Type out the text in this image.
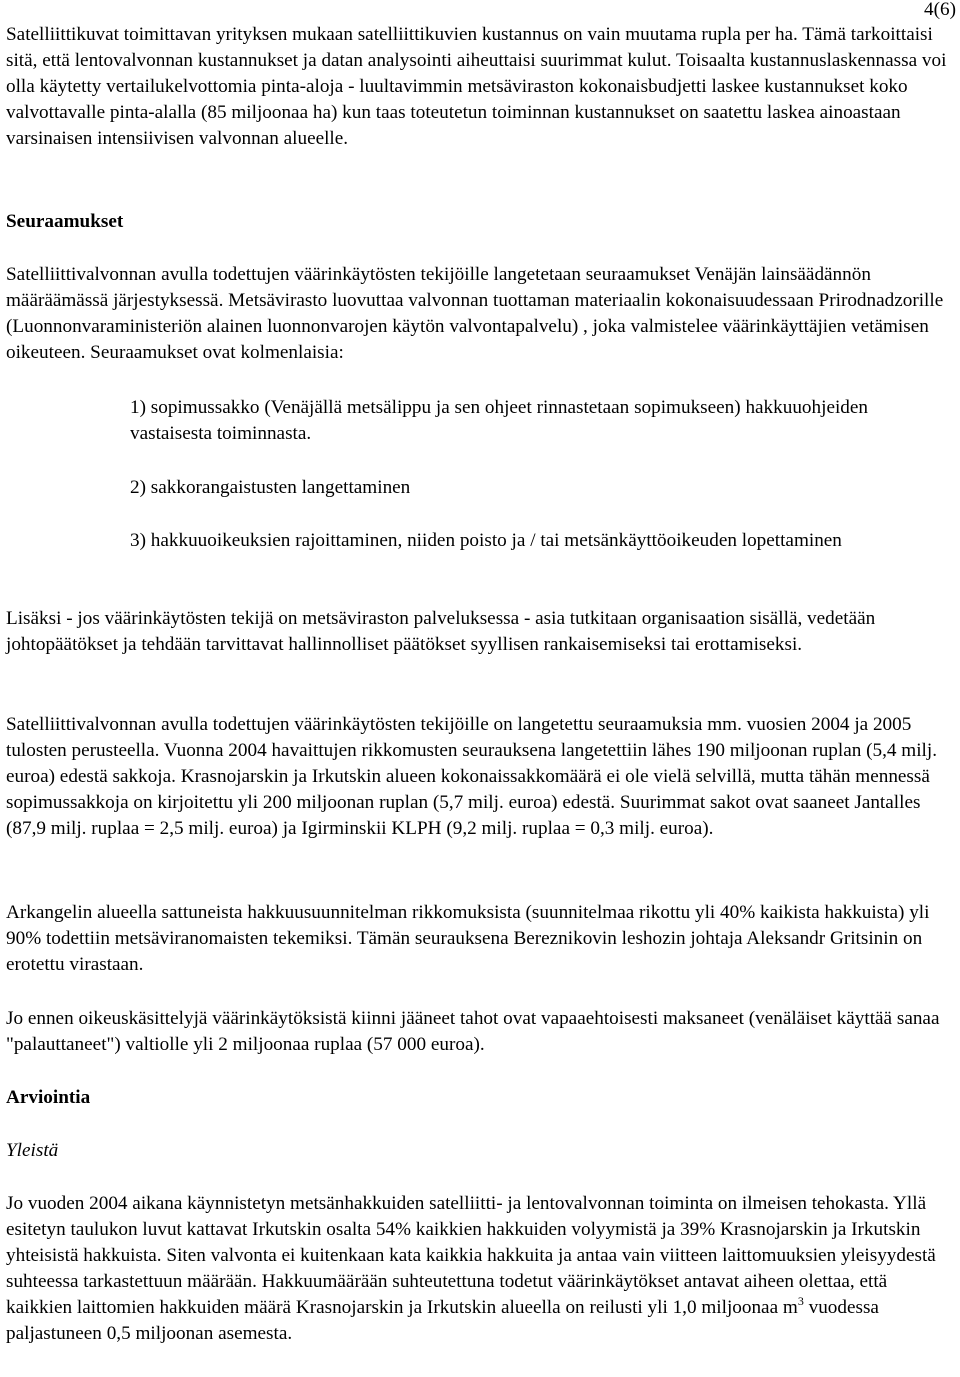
4(6)

Satelliittikuvat toimittavan yrityksen mukaan satelliittikuvien kustannus on vain muutama rupla per ha. Tämä tarkoittaisi sitä, että lentovalvonnan kustannukset ja datan analysointi aiheuttaisi suurimmat kulut. Toisaalta kustannuslaskennassa voi olla käytetty vertailukelvottomia pinta-aloja - luultavimmin metsäviraston kokonaisbudjetti laskee kustannukset koko valvottavalle pinta-alalla (85 miljoonaa ha) kun taas toteutetun toiminnan kustannukset on saatettu laskea ainoastaan varsinaisen intensiivisen valvonnan alueelle.

Seuraamukset

Satelliittivalvonnan avulla todettujen väärinkäytösten tekijöille langetetaan seuraamukset Venäjän lainsäädännön määräämässä järjestyksessä. Metsävirasto luovuttaa valvonnan tuottaman materiaalin kokonaisuudessaan Prirodnadzorille (Luonnonvaraministeriön alainen luonnonvarojen käytön valvontapalvelu) , joka valmistelee väärinkäyttäjien vetämisen oikeuteen. Seuraamukset ovat kolmenlaisia:

1) sopimussakko (Venäjällä metsälippu ja sen ohjeet rinnastetaan sopimukseen) hakkuuohjeiden vastaisesta toiminnasta.

2) sakkorangaistusten langettaminen

3) hakkuuoikeuksien rajoittaminen, niiden poisto ja / tai metsänkäyttöoikeuden lopettaminen

Lisäksi - jos väärinkäytösten tekijä on metsäviraston palveluksessa - asia tutkitaan organisaation sisällä, vedetään johtopäätökset ja tehdään tarvittavat hallinnolliset päätökset syyllisen rankaisemiseksi tai erottamiseksi.

Satelliittivalvonnan avulla todettujen väärinkäytösten tekijöille on langetettu seuraamuksia mm. vuosien 2004 ja 2005 tulosten perusteella. Vuonna 2004 havaittujen rikkomusten seurauksena langetettiin lähes 190 miljoonan ruplan (5,4 milj. euroa) edestä sakkoja. Krasnojarskin ja Irkutskin alueen kokonaissakkomäärä ei ole vielä selvillä, mutta tähän mennessä sopimussakkoja on kirjoitettu yli 200 miljoonan ruplan (5,7 milj. euroa) edestä. Suurimmat sakot ovat saaneet Jantalles (87,9 milj. ruplaa = 2,5 milj. euroa) ja Igirminskii KLPH (9,2 milj. ruplaa = 0,3 milj. euroa).

Arkangelin alueella sattuneista hakkuusuunnitelman rikkomuksista (suunnitelmaa rikottu yli 40% kaikista hakkuista) yli 90% todettiin metsäviranomaisten tekemiksi. Tämän seurauksena Bereznikovin leshozin johtaja Aleksandr Gritsinin on erotettu virastaan.

Jo ennen oikeuskäsittelyjä väärinkäytöksistä kiinni jääneet tahot ovat vapaaehtoisesti maksaneet (venäläiset käyttää sanaa "palauttaneet") valtiolle yli 2 miljoonaa ruplaa (57 000 euroa).

Arviointia

Yleistä

Jo vuoden 2004 aikana käynnistetyn metsänhakkuiden satelliitti- ja lentovalvonnan toiminta on ilmeisen tehokasta. Yllä esitetyn taulukon luvut kattavat Irkutskin osalta 54% kaikkien hakkuiden volyymistä ja 39% Krasnojarskin ja Irkutskin yhteisistä hakkuista. Siten valvonta ei kuitenkaan kata kaikkia hakkuita ja antaa vain viitteen laittomuuksien yleisyydestä suhteessa tarkastettuun määrään. Hakkuumäärään suhteutettuna todetut väärinkäytökset antavat aiheen olettaa, että kaikkien laittomien hakkuiden määrä Krasnojarskin ja Irkutskin alueella on reilusti yli 1,0 miljoonaa $m^3$ vuodessa paljastuneen 0,5 miljoonan asemesta.
